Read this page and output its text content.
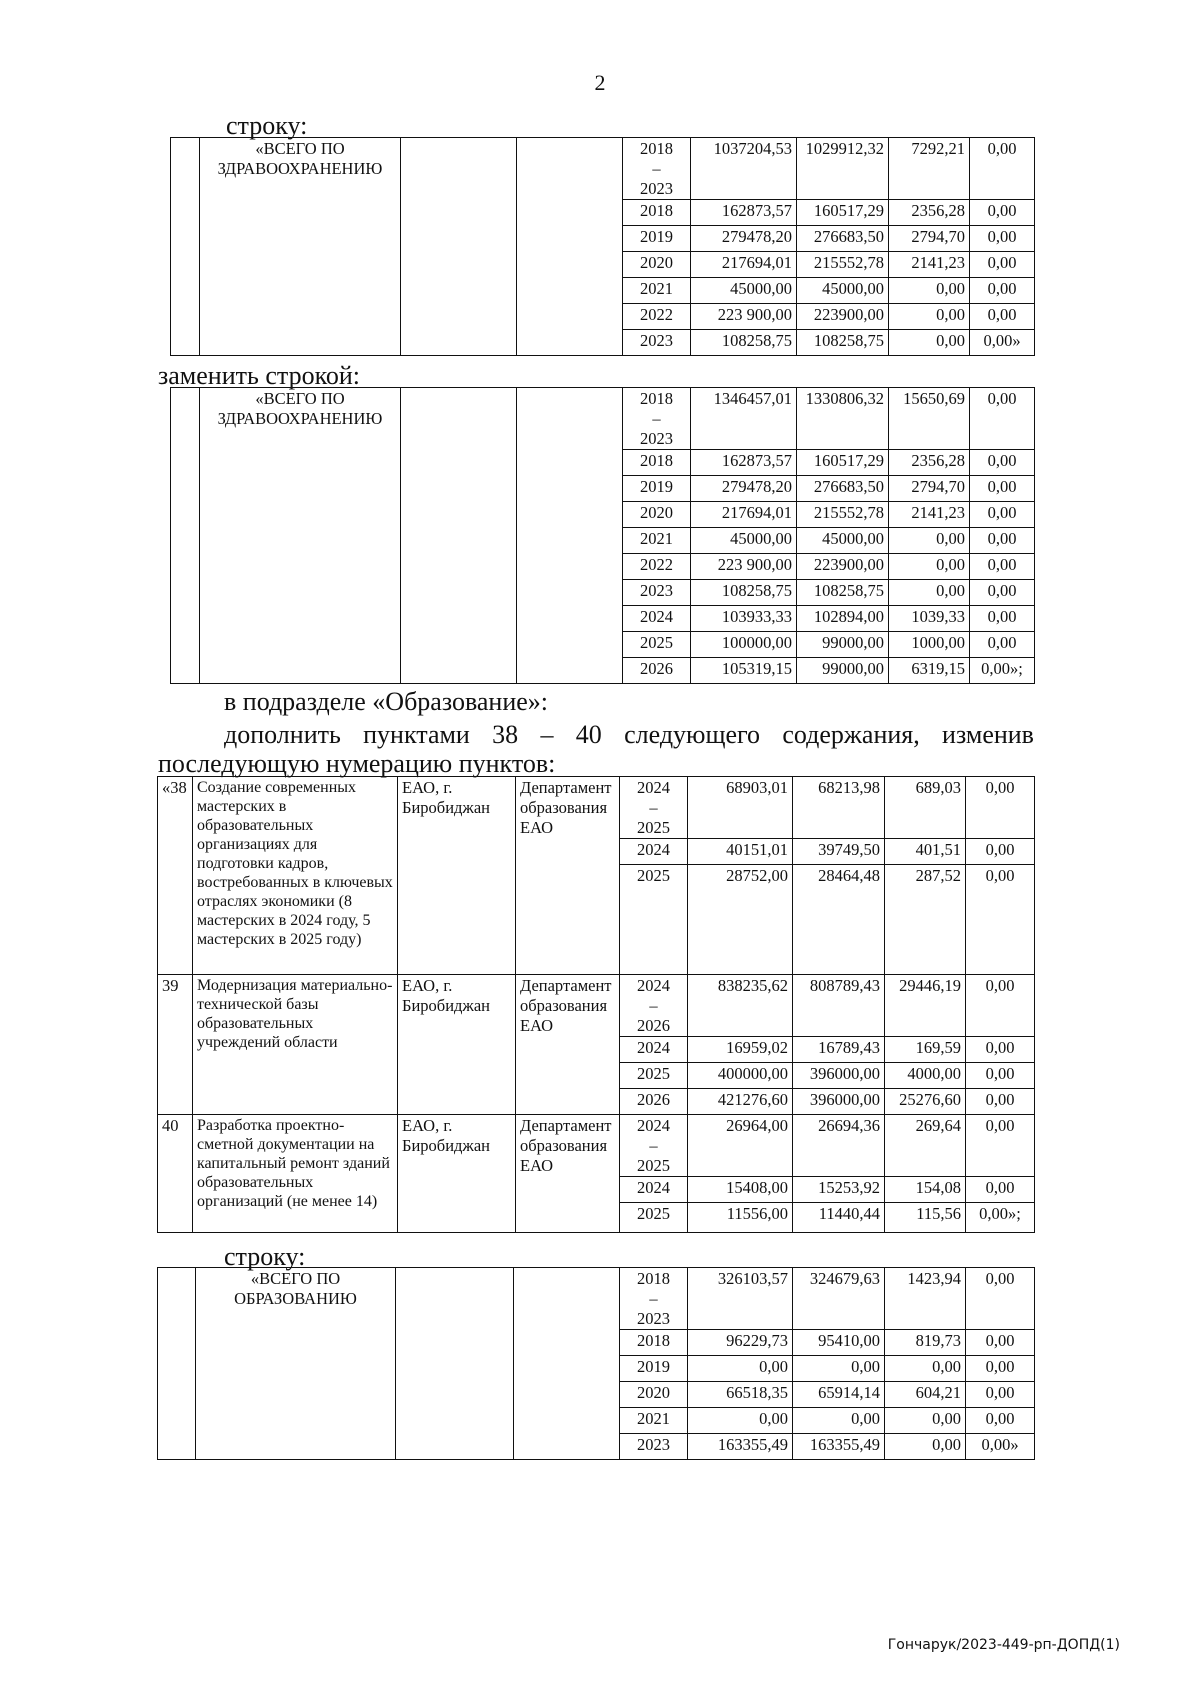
2
строку:
	«ВСЕГО ПО ЗДРАВООХРАНЕНИЮ			2018
–
2023	1037204,53	1029912,32	7292,21	0,00
				2018	162873,57	160517,29	2356,28	0,00
				2019	279478,20	276683,50	2794,70	0,00
				2020	217694,01	215552,78	2141,23	0,00
				2021	45000,00	45000,00	0,00	0,00
				2022	223 900,00	223900,00	0,00	0,00
				2023	108258,75	108258,75	0,00	0,00»
заменить строкой:
	«ВСЕГО ПО ЗДРАВООХРАНЕНИЮ			2018
–
2023	1346457,01	1330806,32	15650,69	0,00
				2018	162873,57	160517,29	2356,28	0,00
				2019	279478,20	276683,50	2794,70	0,00
				2020	217694,01	215552,78	2141,23	0,00
				2021	45000,00	45000,00	0,00	0,00
				2022	223 900,00	223900,00	0,00	0,00
				2023	108258,75	108258,75	0,00	0,00
				2024	103933,33	102894,00	1039,33	0,00
				2025	100000,00	99000,00	1000,00	0,00
				2026	105319,15	99000,00	6319,15	0,00»;
в подразделе «Образование»:
дополнить пунктами 38 – 40 следующего содержания, изменив
последующую нумерацию пунктов:
«38	Создание современных мастерских в образовательных организациях для подготовки кадров, востребованных в ключевых отраслях экономики (8 мастерских в 2024 году, 5 мастерских в 2025 году)	ЕАО, г. Биробиджан	Департамент образования ЕАО	2024
–
2025	68903,01	68213,98	689,03	0,00
				2024	40151,01	39749,50	401,51	0,00
				2025	28752,00	28464,48	287,52	0,00
39	Модернизация материально-технической базы образовательных учреждений области	ЕАО, г. Биробиджан	Департамент образования ЕАО	2024
–
2026	838235,62	808789,43	29446,19	0,00
				2024	16959,02	16789,43	169,59	0,00
				2025	400000,00	396000,00	4000,00	0,00
				2026	421276,60	396000,00	25276,60	0,00
40	Разработка проектно-сметной документации на капитальный ремонт зданий образовательных организаций (не менее 14)	ЕАО, г. Биробиджан	Департамент образования ЕАО	2024
–
2025	26964,00	26694,36	269,64	0,00
				2024	15408,00	15253,92	154,08	0,00
				2025	11556,00	11440,44	115,56	0,00»;
строку:
	«ВСЕГО ПО ОБРАЗОВАНИЮ			2018
–
2023	326103,57	324679,63	1423,94	0,00
				2018	96229,73	95410,00	819,73	0,00
				2019	0,00	0,00	0,00	0,00
				2020	66518,35	65914,14	604,21	0,00
				2021	0,00	0,00	0,00	0,00
				2023	163355,49	163355,49	0,00	0,00»
Гончарук/2023-449-рп-ДОПД(1)
